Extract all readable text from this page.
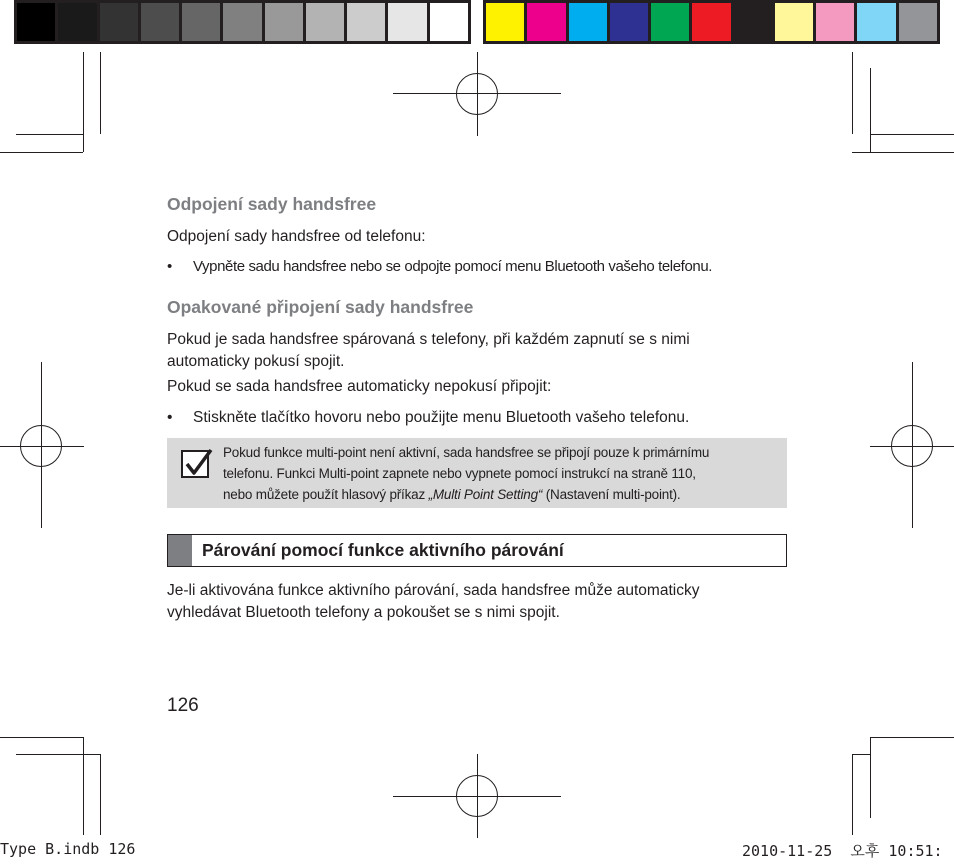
Odpojení sady handsfree
Odpojení sady handsfree od telefonu:
• Vypněte sadu handsfree nebo se odpojte pomocí menu Bluetooth vašeho telefonu.
Opakované připojení sady handsfree
Pokud je sada handsfree spárovaná s telefony, při každém zapnutí se s nimi
automaticky pokusí spojit.
Pokud se sada handsfree automaticky nepokusí připojit:
• Stiskněte tlačítko hovoru nebo použijte menu Bluetooth vašeho telefonu.
Pokud funkce multi-point není aktivní, sada handsfree se připojí pouze k primárnímu
telefonu. Funkci Multi-point zapnete nebo vypnete pomocí instrukcí na straně 110,
nebo můžete použít hlasový příkaz „Multi Point Setting“ (Nastavení multi-point).
Párování pomocí funkce aktivního párování
Je-li aktivována funkce aktivního párování, sada handsfree může automaticky
vyhledávat Bluetooth telefony a pokoušet se s nimi spojit.
126
Type B.indb 126	2010-11-25  오후 10:51:
